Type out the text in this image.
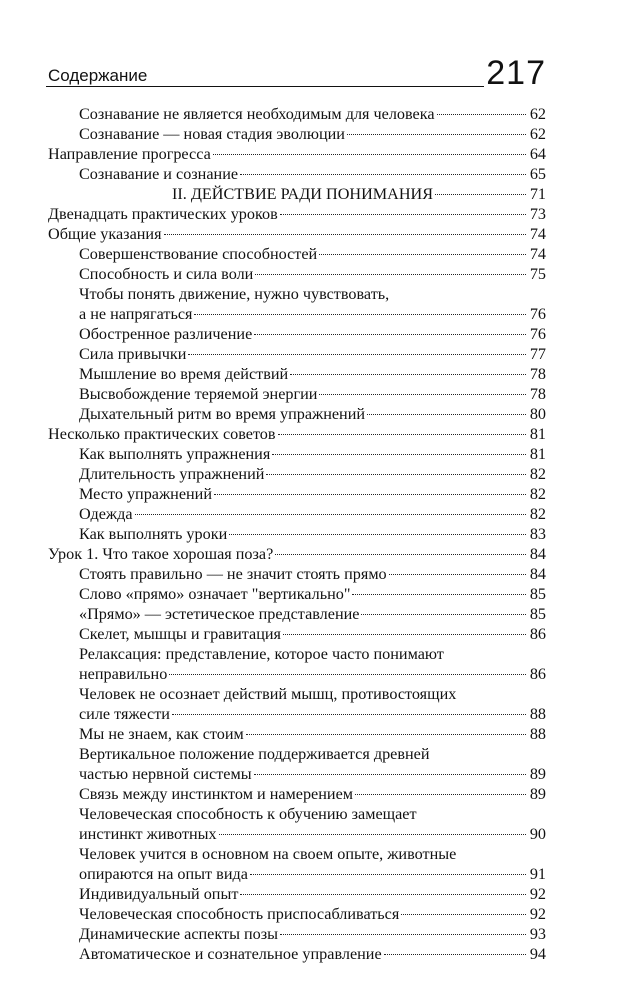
Содержание	217
Сознавание не является необходимым для человека	62
Сознавание — новая стадия эволюции	62
Направление прогресса	64
Сознавание и сознание	65
II. ДЕЙСТВИЕ РАДИ ПОНИМАНИЯ	71
Двенадцать практических уроков	73
Общие указания	74
Совершенствование способностей	74
Способность и сила воли	75
Чтобы понять движение, нужно чувствовать,
а не напрягаться	76
Обостренное различение	76
Сила привычки	77
Мышление во время действий	78
Высвобождение теряемой энергии	78
Дыхательный ритм во время упражнений	80
Несколько практических советов	81
Как выполнять упражнения	81
Длительность упражнений	82
Место упражнений	82
Одежда	82
Как выполнять уроки	83
Урок 1. Что такое хорошая поза?	84
Стоять правильно — не значит стоять прямо	84
Слово «прямо» означает "вертикально"	85
«Прямо» — эстетическое представление	85
Скелет, мышцы и гравитация	86
Релаксация: представление, которое часто понимают
неправильно	86
Человек не осознает действий мышц, противостоящих
силе тяжести	88
Мы не знаем, как стоим	88
Вертикальное положение поддерживается древней
частью нервной системы	89
Связь между инстинктом и намерением	89
Человеческая способность к обучению замещает
инстинкт животных	90
Человек учится в основном на своем опыте, животные
опираются на опыт вида	91
Индивидуальный опыт	92
Человеческая способность приспосабливаться	92
Динамические аспекты позы	93
Автоматическое и сознательное управление	94
